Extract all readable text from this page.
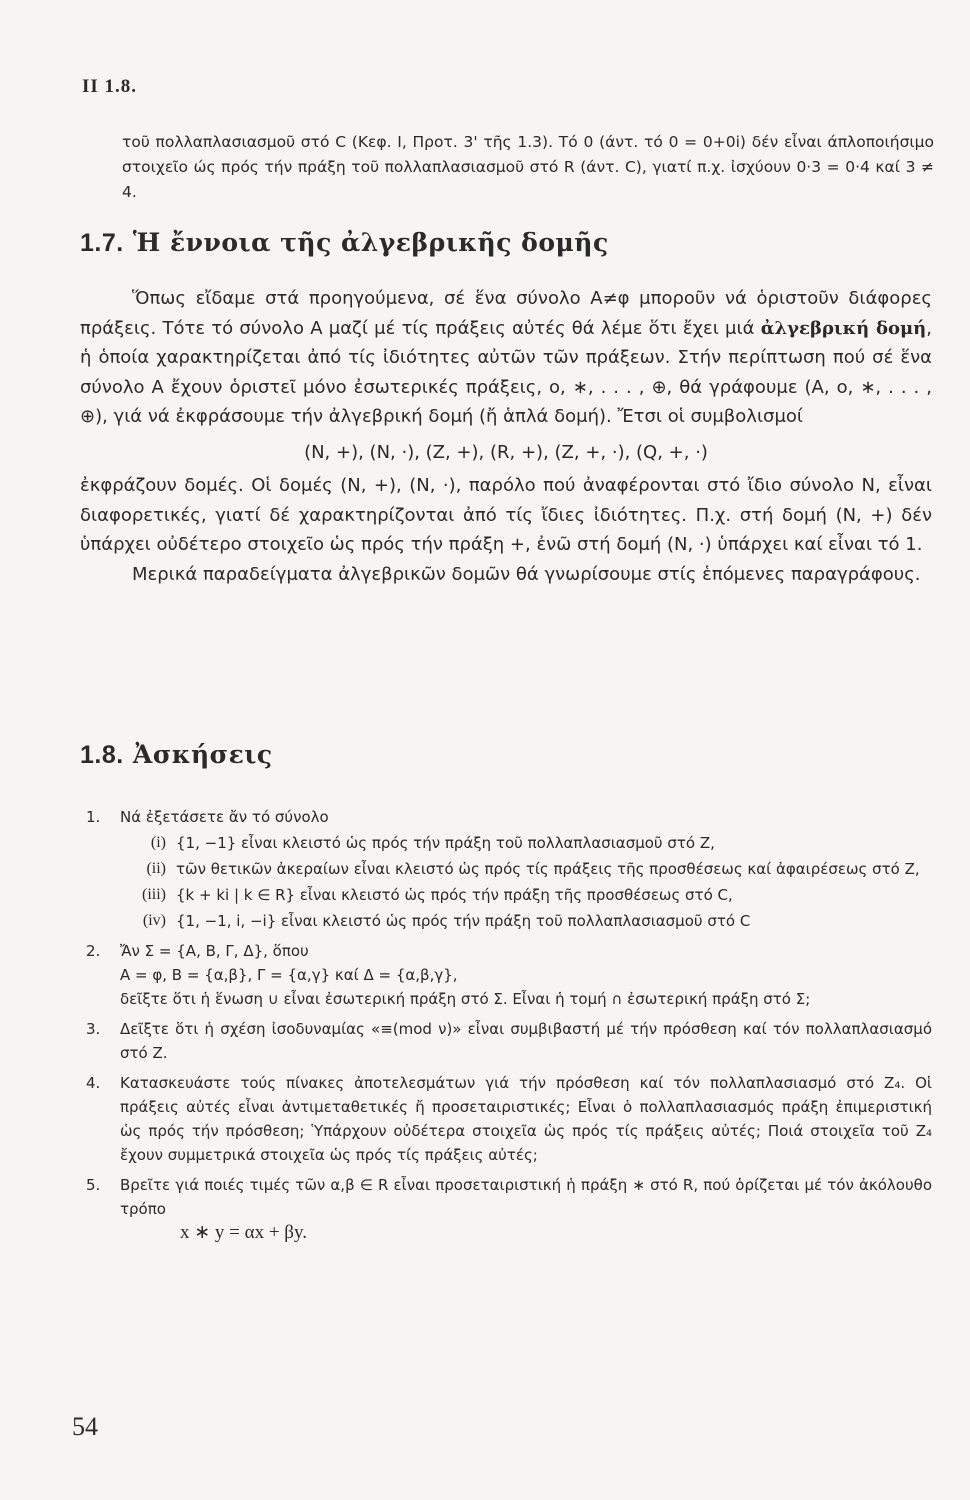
II 1.8.

τοῦ πολλαπλασιασμοῦ στό C (Κεφ. Ι, Προτ. 3' τῆς 1.3). Τό 0 (άντ. τό 0 = 0+0i) δέν εἶναι άπλοποιήσιμο στοιχεῖο ώς πρός τήν πράξη τοῦ πολλαπλασιασμοῦ στό R (άντ. C), γιατί π.χ. ἰσχύουν 0·3 = 0·4 καί 3 ≠ 4.

1.7. Ἡ ἔννοια τῆς ἀλγεβρικῆς δομῆς

Ὅπως εἴδαμε στά προηγούμενα, σέ ἕνα σύνολο Α≠φ μποροῦν νά ὁριστοῦν διάφορες πράξεις. Τότε τό σύνολο Α μαζί μέ τίς πράξεις αὐτές θά λέμε ὅτι ἔχει μιά ἀλγεβρική δομή, ἡ ὁποία χαρακτηρίζεται ἀπό τίς ἰδιότητες αὐτῶν τῶν πράξεων. Στήν περίπτωση πού σέ ἕνα σύνολο Α ἔχουν ὁριστεῖ μόνο ἐσωτερικές πράξεις, ο, ∗, . . . , ⊕, θά γράφουμε (Α, ο, ∗, . . . , ⊕), γιά νά ἐκφράσουμε τήν ἀλγεβρική δομή (ἤ ἁπλά δομή). Ἔτσι οἱ συμβολισμοί

(N, +), (N, ·), (Z, +), (R, +), (Z, +, ·), (Q, +, ·)

ἐκφράζουν δομές. Οἱ δομές (N, +), (N, ·), παρόλο πού ἀναφέρονται στό ἴδιο σύνολο N, εἶναι διαφορετικές, γιατί δέ χαρακτηρίζονται ἀπό τίς ἴδιες ἰδιότητες. Π.χ. στή δομή (N, +) δέν ὑπάρχει οὐδέτερο στοιχεῖο ὡς πρός τήν πράξη +, ἐνῶ στή δομή (N, ·) ὑπάρχει καί εἶναι τό 1.

Μερικά παραδείγματα ἀλγεβρικῶν δομῶν θά γνωρίσουμε στίς ἑπόμενες παραγράφους.

1.8. Ἀσκήσεις
1.	Νά ἐξετάσετε ἄν τό σύνολο

(i) {1, −1} εἶναι κλειστό ὡς πρός τήν πράξη τοῦ πολλαπλασιασμοῦ στό Z,
(ii) τῶν θετικῶν ἀκεραίων εἶναι κλειστό ὡς πρός τίς πράξεις τῆς προσθέσεως καί ἀφαιρέσεως στό Z,
(iii) {k + ki | k ∈ R} εἶναι κλειστό ὡς πρός τήν πράξη τῆς προσθέσεως στό C,
(iv) {1, −1, i, −i} εἶναι κλειστό ὡς πρός τήν πράξη τοῦ πολλαπλασιασμοῦ στό C
2.	Ἄν Σ = {Α, Β, Γ, Δ}, ὅπου

Α = φ, Β = {α,β}, Γ = {α,γ} καί Δ = {α,β,γ},

δεῖξτε ὅτι ἡ ἕνωση ∪ εἶναι ἐσωτερική πράξη στό Σ. Εἶναι ἡ τομή ∩ ἐσωτερική πράξη στό Σ;

3.	Δεῖξτε ὅτι ἡ σχέση ἰσοδυναμίας «≡(mod ν)» εἶναι συμβιβαστή μέ τήν πρόσθεση καί τόν πολλαπλασιασμό στό Z.

4.	Κατασκευάστε τούς πίνακες ἀποτελεσμάτων γιά τήν πρόσθεση καί τόν πολλαπλασιασμό στό Z₄. Οἱ πράξεις αὐτές εἶναι ἀντιμεταθετικές ἤ προσεταιριστικές; Εἶναι ὁ πολλαπλασιασμός πράξη ἐπιμεριστική ὡς πρός τήν πρόσθεση; Ὑπάρχουν οὐδέτερα στοιχεῖα ὡς πρός τίς πράξεις αὐτές; Ποιά στοιχεῖα τοῦ Z₄ ἔχουν συμμετρικά στοιχεῖα ὡς πρός τίς πράξεις αὐτές;

5.	Βρεῖτε γιά ποιές τιμές τῶν α,β ∈ R εἶναι προσεταιριστική ἡ πράξη ∗ στό R, πού ὁρίζεται μέ τόν ἀκόλουθο τρόπο

x ∗ y = αx + βy.

54
